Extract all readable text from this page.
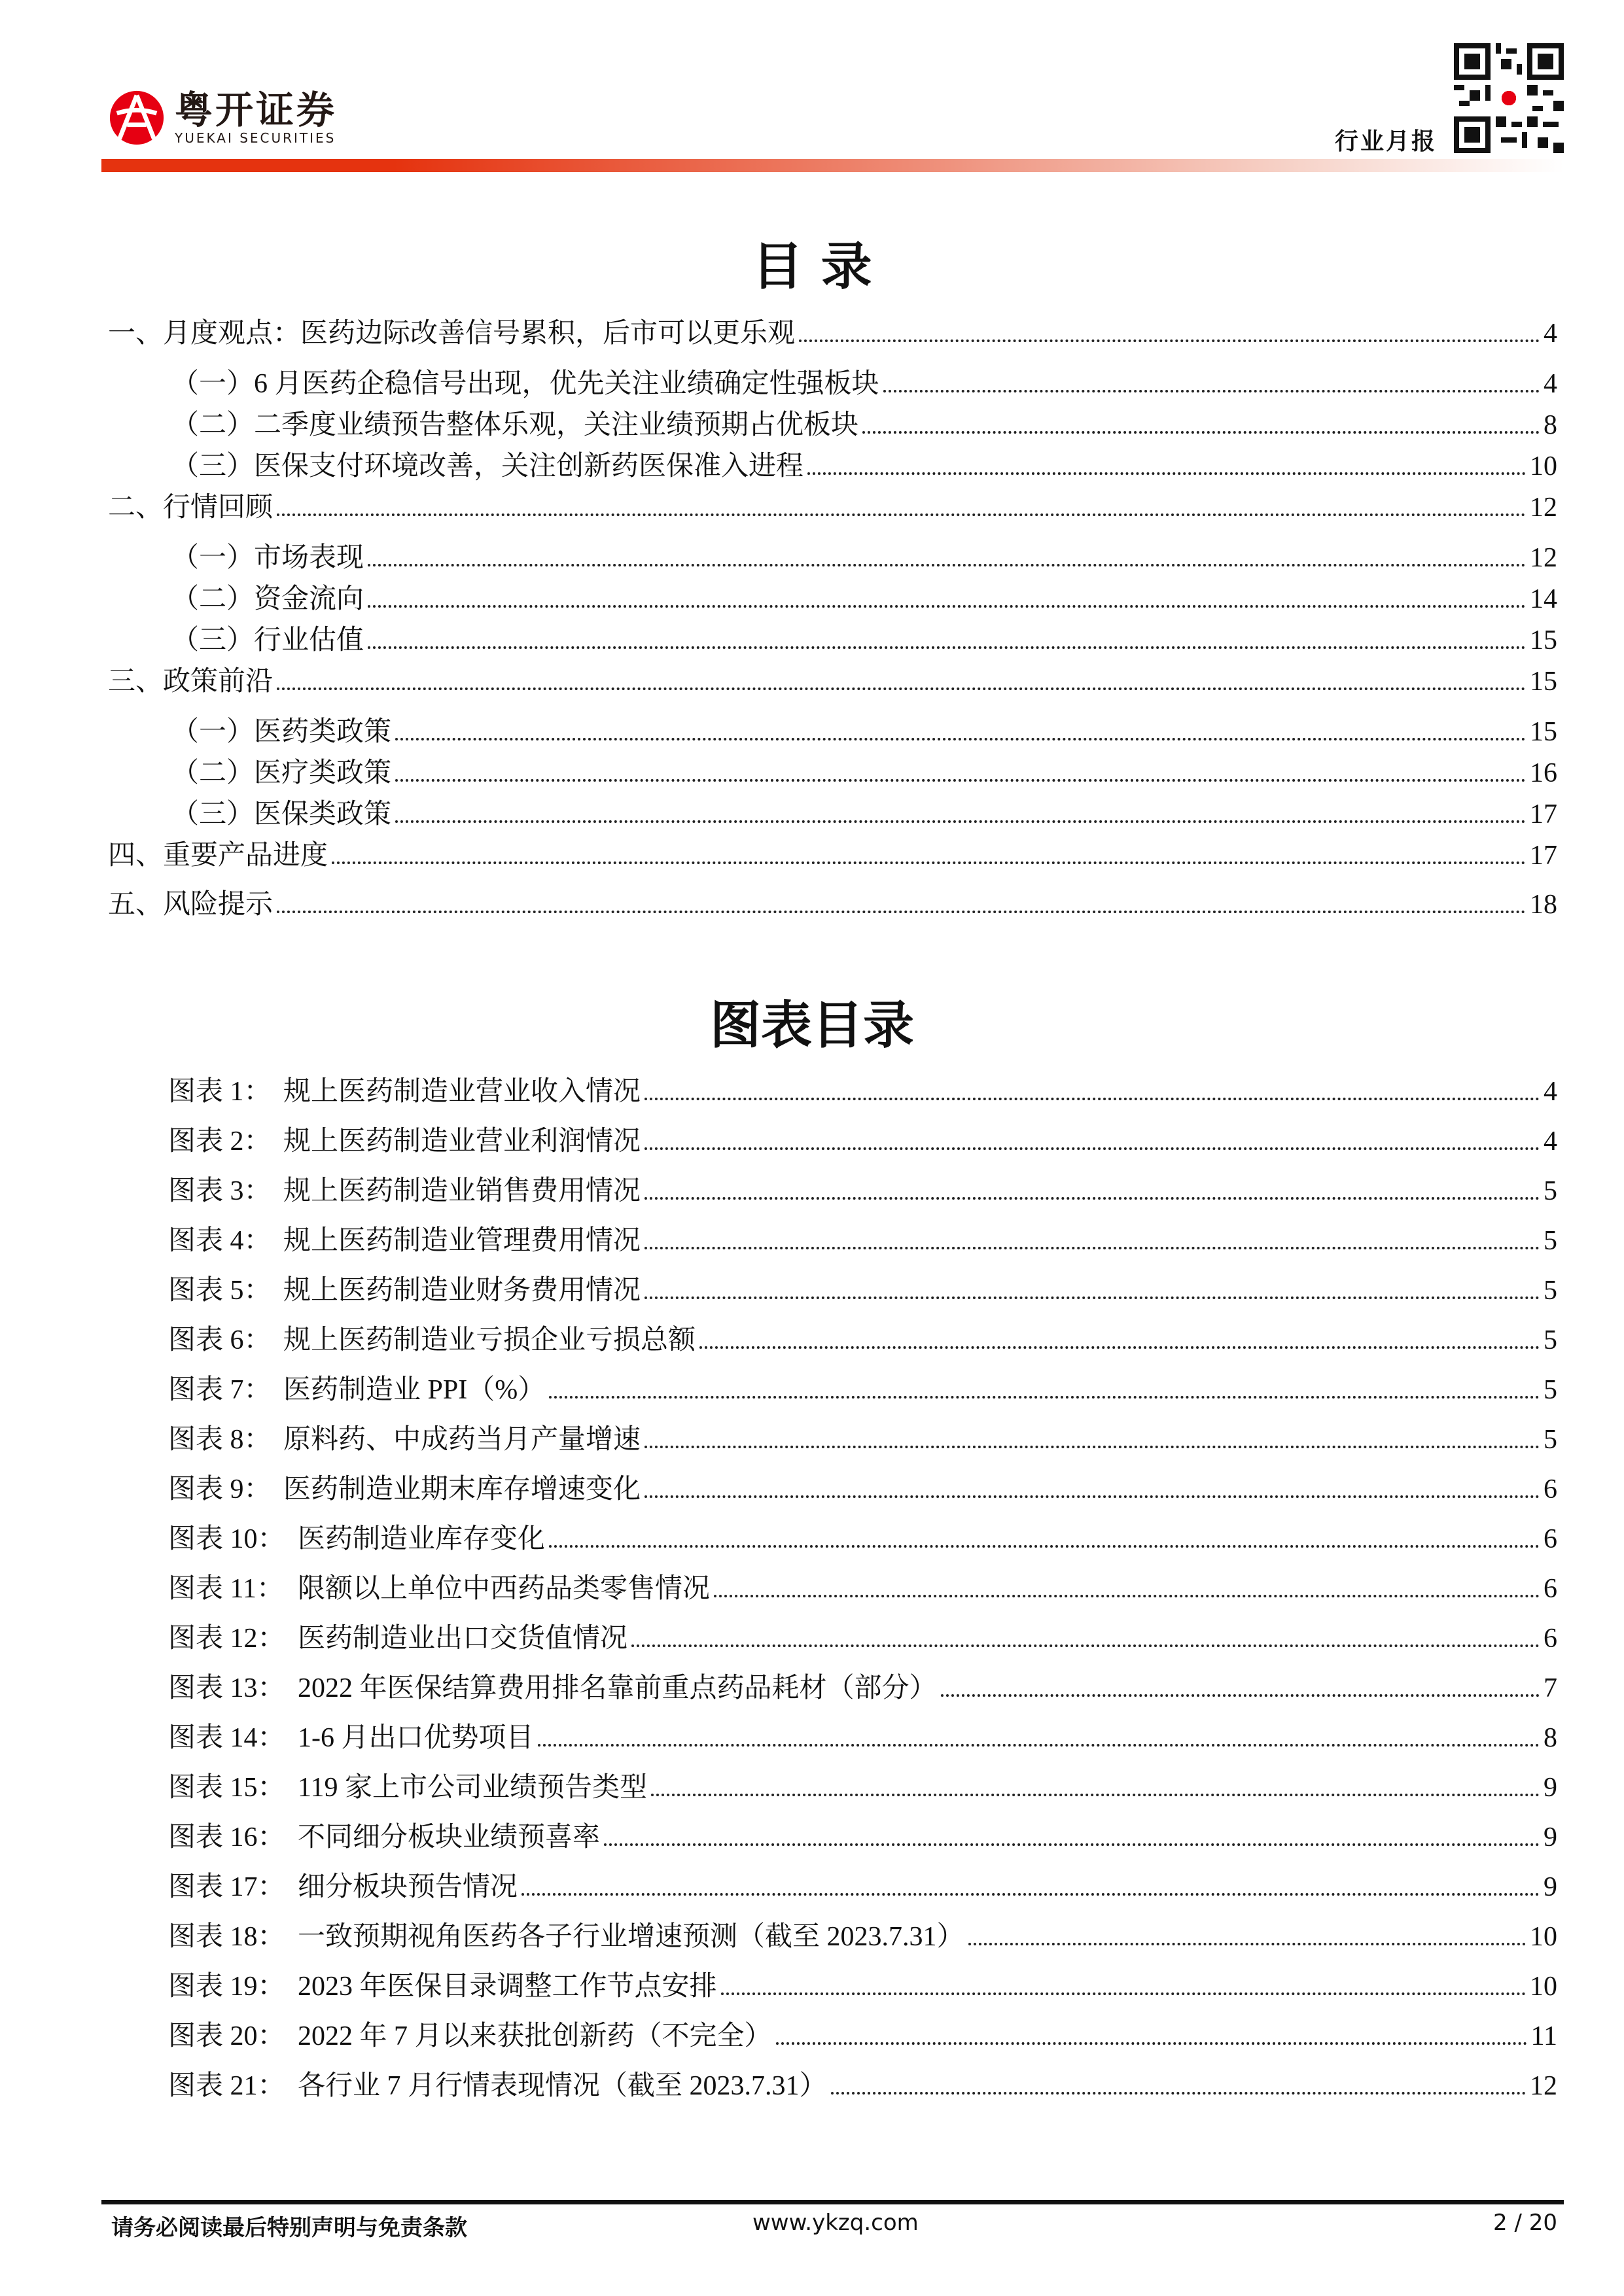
粤开证券
YUEKAI SECURITIES	行业月报
目 录
一、月度观点：医药边际改善信号累积，后市可以更乐观	4
（一）6 月医药企稳信号出现，优先关注业绩确定性强板块	4
（二）二季度业绩预告整体乐观，关注业绩预期占优板块	8
（三）医保支付环境改善，关注创新药医保准入进程	10
二、行情回顾	12
（一）市场表现	12
（二）资金流向	14
（三）行业估值	15
三、政策前沿	15
（一）医药类政策	15
（二）医疗类政策	16
（三）医保类政策	17
四、重要产品进度	17
五、风险提示	18
图表目录
图表 1： 规上医药制造业营业收入情况	4
图表 2： 规上医药制造业营业利润情况	4
图表 3： 规上医药制造业销售费用情况	5
图表 4： 规上医药制造业管理费用情况	5
图表 5： 规上医药制造业财务费用情况	5
图表 6： 规上医药制造业亏损企业亏损总额	5
图表 7： 医药制造业 PPI（%）	5
图表 8： 原料药、中成药当月产量增速	5
图表 9： 医药制造业期末库存增速变化	6
图表 10： 医药制造业库存变化	6
图表 11： 限额以上单位中西药品类零售情况	6
图表 12： 医药制造业出口交货值情况	6
图表 13： 2022 年医保结算费用排名靠前重点药品耗材（部分）	7
图表 14： 1-6 月出口优势项目	8
图表 15： 119 家上市公司业绩预告类型	9
图表 16： 不同细分板块业绩预喜率	9
图表 17： 细分板块预告情况	9
图表 18： 一致预期视角医药各子行业增速预测（截至 2023.7.31）	10
图表 19： 2023 年医保目录调整工作节点安排	10
图表 20： 2022 年 7 月以来获批创新药（不完全）	11
图表 21： 各行业 7 月行情表现情况（截至 2023.7.31）	12
请务必阅读最后特别声明与免责条款	www.ykzq.com	2 / 20
